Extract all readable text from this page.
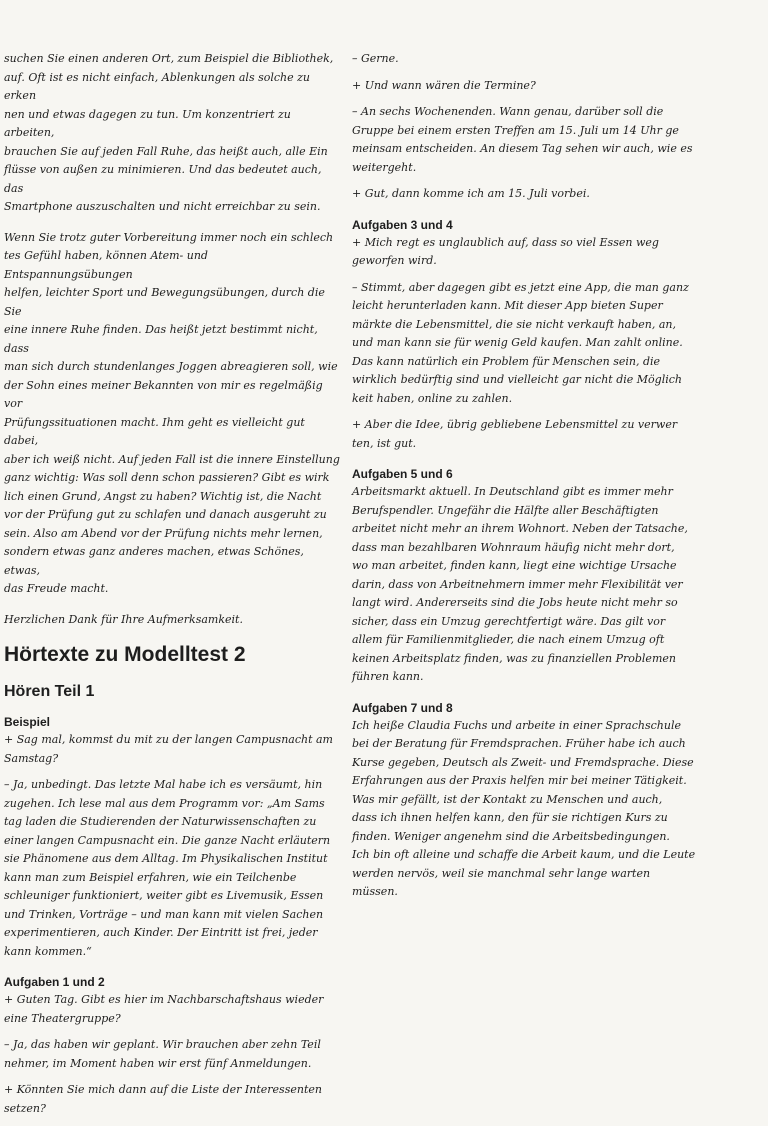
suchen Sie einen anderen Ort, zum Beispiel die Bibliothek,
auf. Oft ist es nicht einfach, Ablenkungen als solche zu erken
nen und etwas dagegen zu tun. Um konzentriert zu arbeiten,
brauchen Sie auf jeden Fall Ruhe, das heißt auch, alle Ein
flüsse von außen zu minimieren. Und das bedeutet auch, das
Smartphone auszuschalten und nicht erreichbar zu sein.

Wenn Sie trotz guter Vorbereitung immer noch ein schlech
tes Gefühl haben, können Atem- und Entspannungsübungen
helfen, leichter Sport und Bewegungsübungen, durch die Sie
eine innere Ruhe finden. Das heißt jetzt bestimmt nicht, dass
man sich durch stundenlanges Joggen abreagieren soll, wie
der Sohn eines meiner Bekannten von mir es regelmäßig vor
Prüfungssituationen macht. Ihm geht es vielleicht gut dabei,
aber ich weiß nicht. Auf jeden Fall ist die innere Einstellung
ganz wichtig: Was soll denn schon passieren? Gibt es wirk
lich einen Grund, Angst zu haben? Wichtig ist, die Nacht
vor der Prüfung gut zu schlafen und danach ausgeruht zu
sein. Also am Abend vor der Prüfung nichts mehr lernen,
sondern etwas ganz anderes machen, etwas Schönes, etwas,
das Freude macht.

Herzlichen Dank für Ihre Aufmerksamkeit.

Hörtexte zu Modelltest 2
Hören Teil 1
Beispiel

+ Sag mal, kommst du mit zu der langen Campusnacht am
Samstag?

– Ja, unbedingt. Das letzte Mal habe ich es versäumt, hin
zugehen. Ich lese mal aus dem Programm vor: „Am Sams
tag laden die Studierenden der Naturwissenschaften zu
einer langen Campusnacht ein. Die ganze Nacht erläutern
sie Phänomene aus dem Alltag. Im Physikalischen Institut
kann man zum Beispiel erfahren, wie ein Teilchenbe
schleuniger funktioniert, weiter gibt es Livemusik, Essen
und Trinken, Vorträge – und man kann mit vielen Sachen
experimentieren, auch Kinder. Der Eintritt ist frei, jeder
kann kommen.“

Aufgaben 1 und 2

+ Guten Tag. Gibt es hier im Nachbarschaftshaus wieder
eine Theatergruppe?

– Ja, das haben wir geplant. Wir brauchen aber zehn Teil
nehmer, im Moment haben wir erst fünf Anmeldungen.

+ Könnten Sie mich dann auf die Liste der Interessenten
setzen?

– Gerne.

+ Und wann wären die Termine?

– An sechs Wochenenden. Wann genau, darüber soll die
Gruppe bei einem ersten Treffen am 15. Juli um 14 Uhr ge
meinsam entscheiden. An diesem Tag sehen wir auch, wie es
weitergeht.

+ Gut, dann komme ich am 15. Juli vorbei.

Aufgaben 3 und 4

+ Mich regt es unglaublich auf, dass so viel Essen weg
geworfen wird.

– Stimmt, aber dagegen gibt es jetzt eine App, die man ganz
leicht herunterladen kann. Mit dieser App bieten Super
märkte die Lebensmittel, die sie nicht verkauft haben, an,
und man kann sie für wenig Geld kaufen. Man zahlt online.
Das kann natürlich ein Problem für Menschen sein, die
wirklich bedürftig sind und vielleicht gar nicht die Möglich
keit haben, online zu zahlen.

+ Aber die Idee, übrig gebliebene Lebensmittel zu verwer
ten, ist gut.

Aufgaben 5 und 6

Arbeitsmarkt aktuell. In Deutschland gibt es immer mehr
Berufspendler. Ungefähr die Hälfte aller Beschäftigten
arbeitet nicht mehr an ihrem Wohnort. Neben der Tatsache,
dass man bezahlbaren Wohnraum häufig nicht mehr dort,
wo man arbeitet, finden kann, liegt eine wichtige Ursache
darin, dass von Arbeitnehmern immer mehr Flexibilität ver
langt wird. Andererseits sind die Jobs heute nicht mehr so
sicher, dass ein Umzug gerechtfertigt wäre. Das gilt vor
allem für Familienmitglieder, die nach einem Umzug oft
keinen Arbeitsplatz finden, was zu finanziellen Problemen
führen kann.

Aufgaben 7 und 8

Ich heiße Claudia Fuchs und arbeite in einer Sprachschule
bei der Beratung für Fremdsprachen. Früher habe ich auch
Kurse gegeben, Deutsch als Zweit- und Fremdsprache. Diese
Erfahrungen aus der Praxis helfen mir bei meiner Tätigkeit.
Was mir gefällt, ist der Kontakt zu Menschen und auch,
dass ich ihnen helfen kann, den für sie richtigen Kurs zu
finden. Weniger angenehm sind die Arbeitsbedingungen.
Ich bin oft alleine und schaffe die Arbeit kaum, und die Leute
werden nervös, weil sie manchmal sehr lange warten
müssen.
